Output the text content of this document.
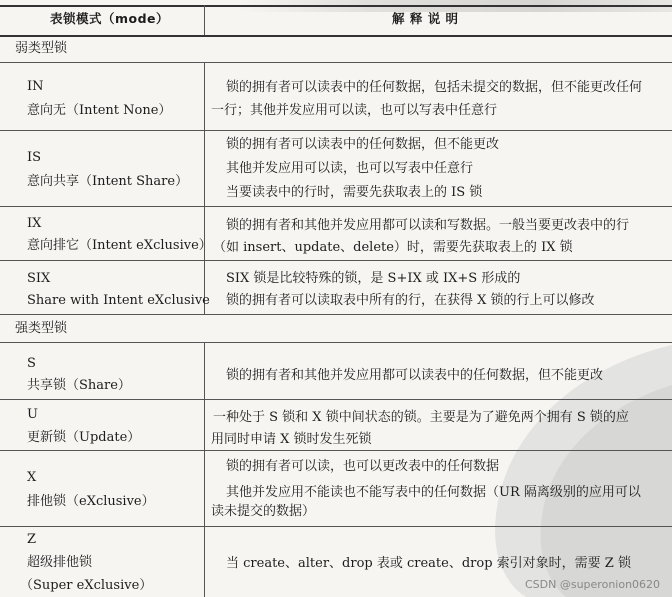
表锁模式（mode）	解 释 说 明
弱类型锁
IN
意向无（Intent None）
锁的拥有者可以读表中的任何数据，包括未提交的数据，但不能更改任何
一行；其他并发应用可以读，也可以写表中任意行
IS
意向共享（Intent Share）
锁的拥有者可以读表中的任何数据，但不能更改
其他并发应用可以读，也可以写表中任意行
当要读表中的行时，需要先获取表上的 IS 锁
IX
意向排它（Intent eXclusive）
锁的拥有者和其他并发应用都可以读和写数据。一般当要更改表中的行
（如 insert、update、delete）时，需要先获取表上的 IX 锁
SIX
Share with Intent eXclusive
SIX 锁是比较特殊的锁，是 S+IX 或 IX+S 形成的
锁的拥有者可以读取表中所有的行，在获得 X 锁的行上可以修改
强类型锁
S
共享锁（Share）
锁的拥有者和其他并发应用都可以读表中的任何数据，但不能更改
U
更新锁（Update）
一种处于 S 锁和 X 锁中间状态的锁。主要是为了避免两个拥有 S 锁的应
用同时申请 X 锁时发生死锁
X
排他锁（eXclusive）
锁的拥有者可以读，也可以更改表中的任何数据
其他并发应用不能读也不能写表中的任何数据（UR 隔离级别的应用可以
读未提交的数据）
Z
超级排他锁
（Super eXclusive）
当 create、alter、drop 表或 create、drop 索引对象时，需要 Z 锁
CSDN @superonion0620
